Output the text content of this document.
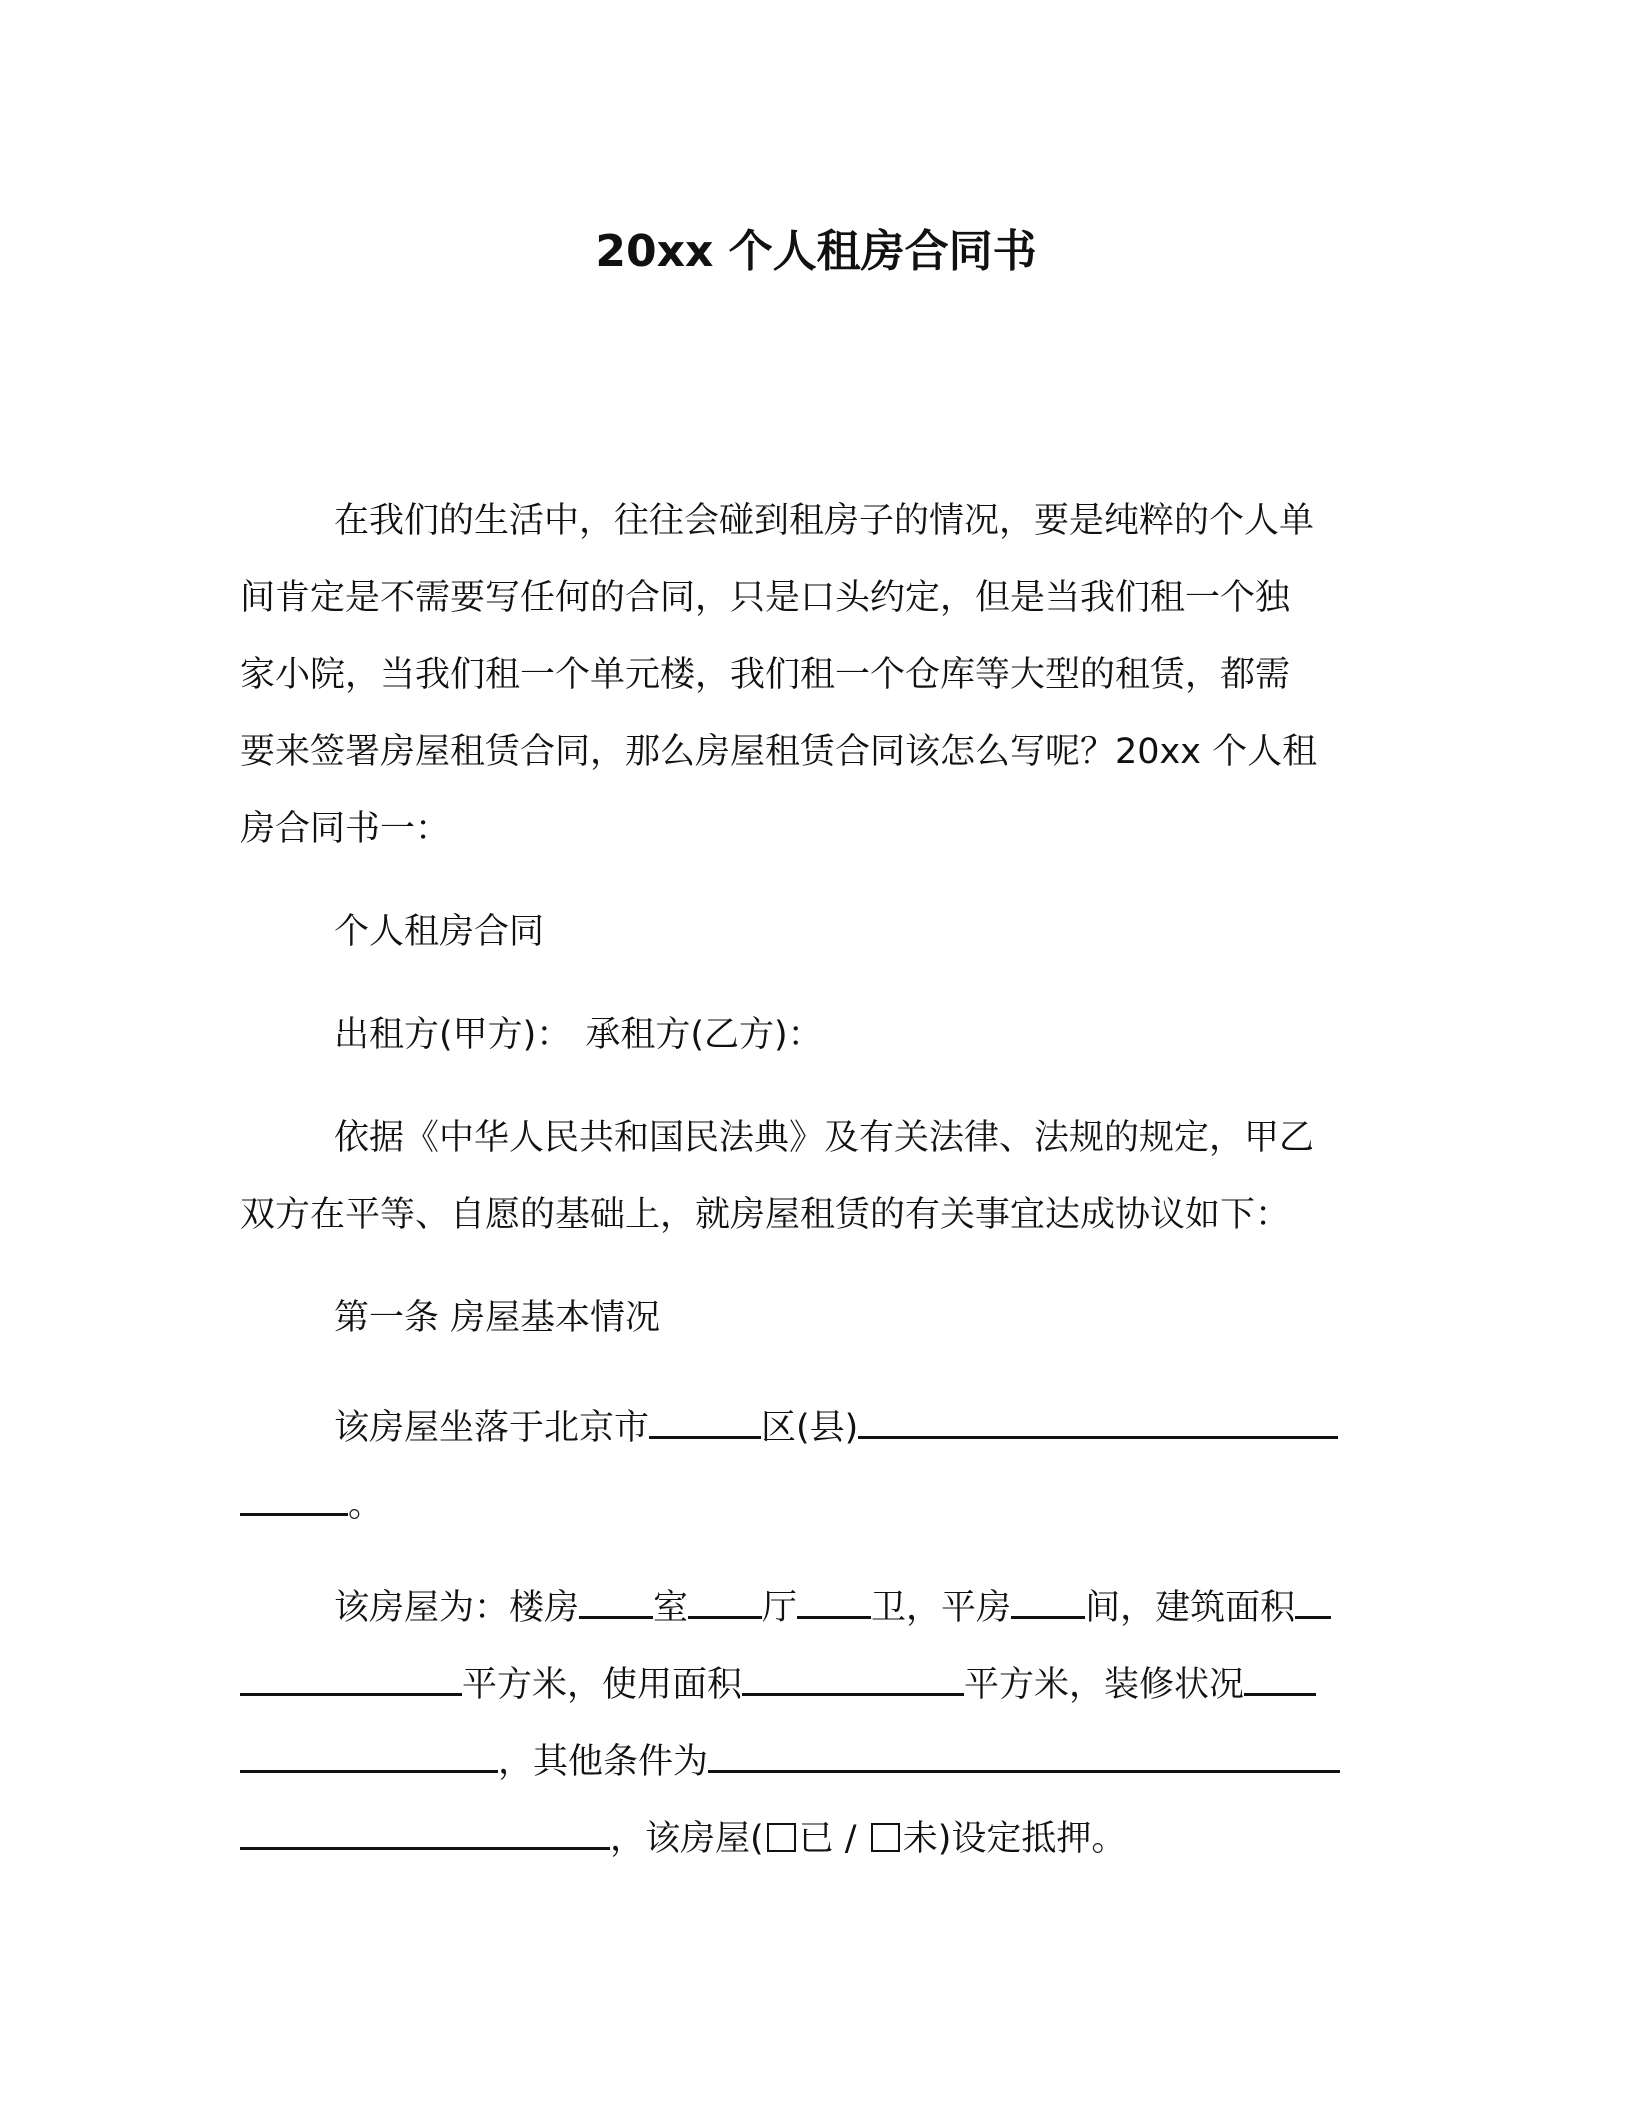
20xx 个人租房合同书

在我们的生活中，往往会碰到租房子的情况，要是纯粹的个人单

间肯定是不需要写任何的合同，只是口头约定，但是当我们租一个独

家小院，当我们租一个单元楼，我们租一个仓库等大型的租赁，都需

要来签署房屋租赁合同，那么房屋租赁合同该怎么写呢？20xx 个人租

房合同书一：

个人租房合同

出租方(甲方)： 承租方(乙方)：

依据《中华人民共和国民法典》及有关法律、法规的规定，甲乙

双方在平等、自愿的基础上，就房屋租赁的有关事宜达成协议如下：

第一条 房屋基本情况

该房屋坐落于北京市	区(县)

。

该房屋为：楼房 室 厅 卫，平房 间，建筑面积

平方米，使用面积	平方米，装修状况

，其他条件为

，该房屋( 已 / 未)设定抵押。
